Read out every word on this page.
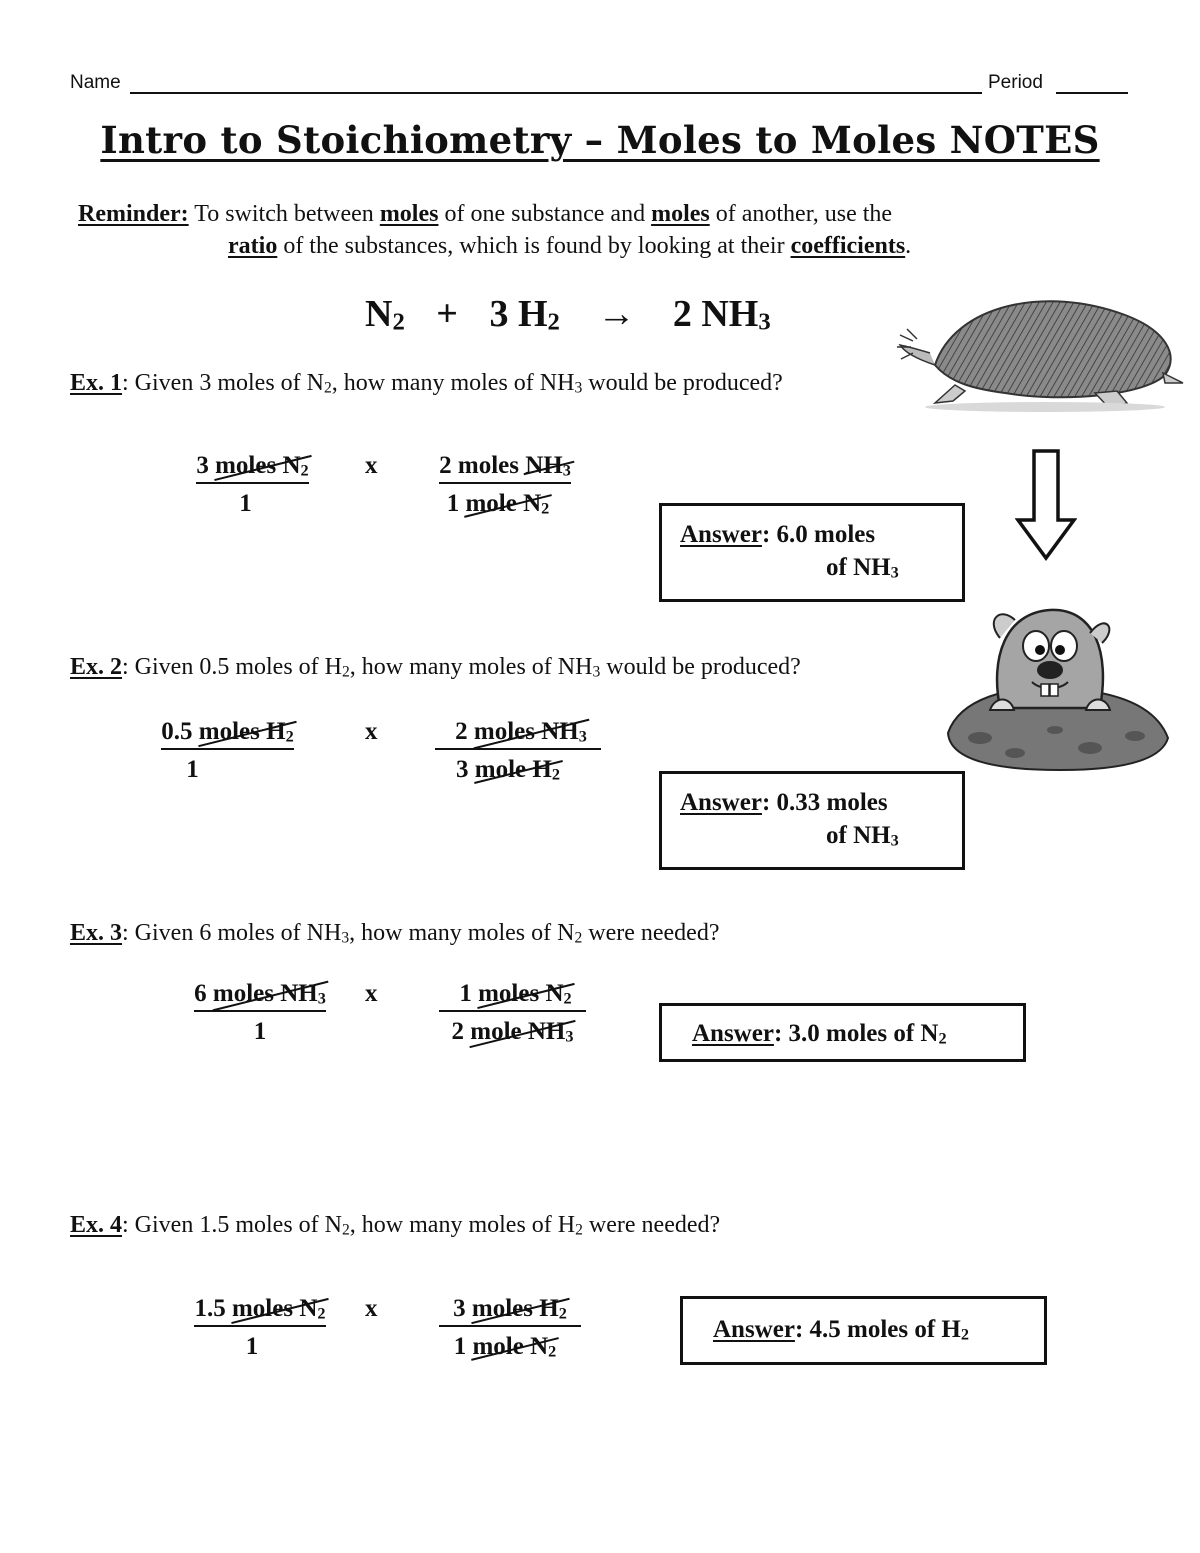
Name	Period
Intro to Stoichiometry – Moles to Moles NOTES
Reminder: To switch between moles of one substance and moles of another, use the
ratio of the substances, which is found by looking at their coefficients.
$N_2 + 3$ $H_2 \to 2$ $NH_3$
Ex. 1: Given 3 moles of $N_2$, how many moles of $NH_3$ would be produced?
3 moles $N_2$
1
x	2 moles $NH_3$
1 mole $N_2$
Answer: 6.0 moles
of $NH_3$
Ex. 2: Given 0.5 moles of $H_2$, how many moles of $NH_3$ would be produced?
0.5 moles $H_2$
1
x	2 moles $NH_3$
3 mole $H_2$
Answer: 0.33 moles
of $NH_3$
Ex. 3: Given 6 moles of $NH_3$, how many moles of $N_2$ were needed?
6 moles $NH_3$
1
x	1 moles $N_2$
2 mole $NH_3$	Answer: 3.0 moles of $N_2$
Ex. 4: Given 1.5 moles of $N_2$, how many moles of $H_2$ were needed?
1.5 moles $N_2$
1
x	3 moles $H_2$
1 mole $N_2$
Answer: 4.5 moles of $H_2$
